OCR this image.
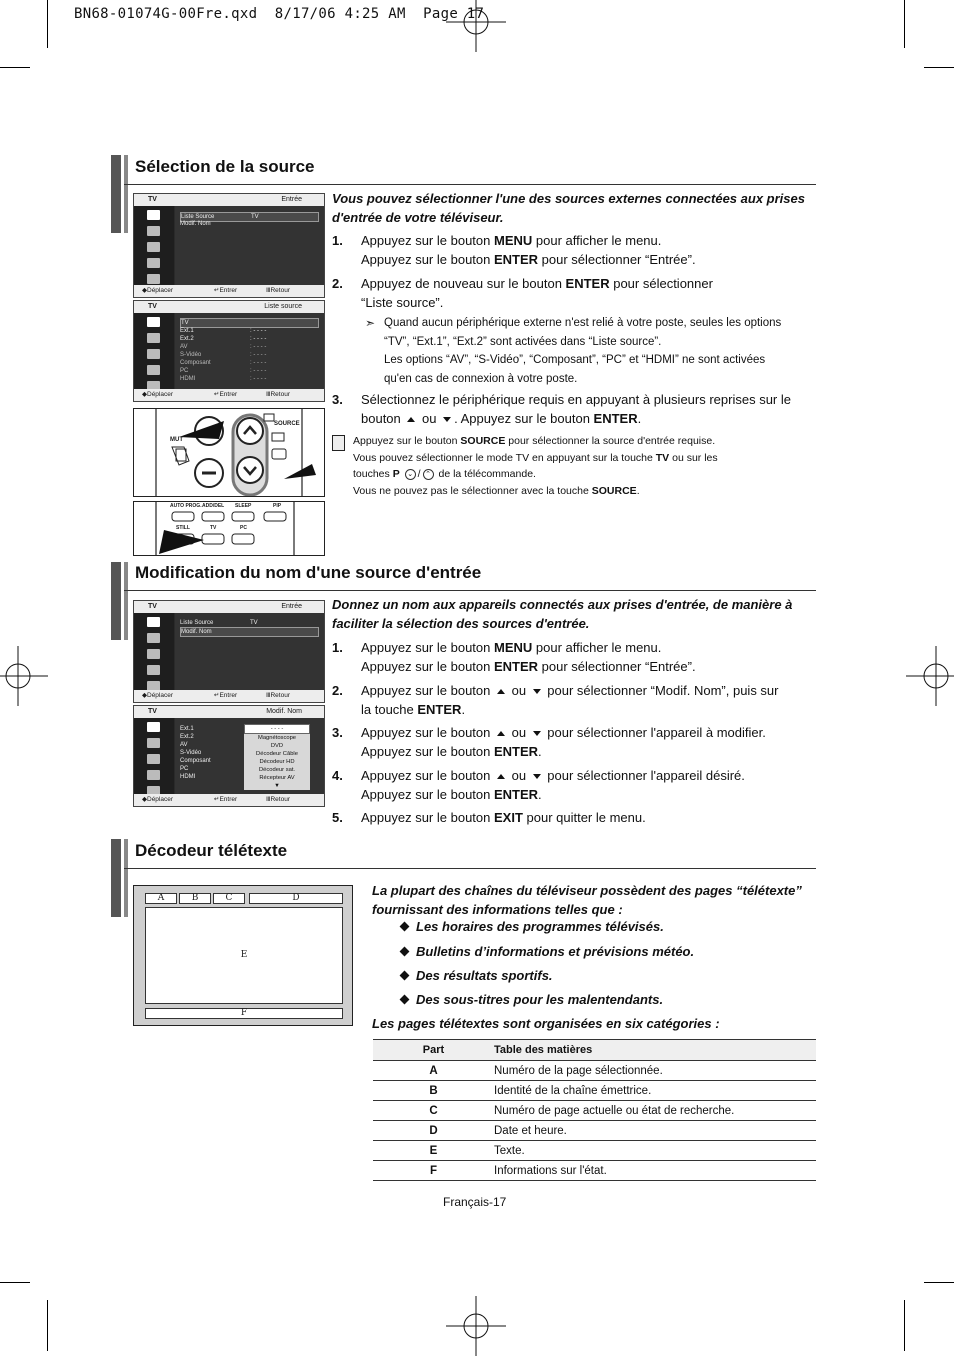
BN68-01074G-00Fre.qxd  8/17/06 4:25 AM  Page 17
Sélection de la source
TV	Entrée
Liste Source	TV
Modif. Nom
◆ Déplacer	↵ Entrer	Ⅲ Retour
TV	Liste source
TV
Ext.1	: - - - -
Ext.2	: - - - -
AV	: - - - -
S-Vidéo	: - - - -
Composant	: - - - -
PC	: - - - -
HDMI	: - - - -
◆ Déplacer	↵ Entrer	Ⅲ Retour
SOURCE
MUT
AUTO PROG. ADD/DEL SLEEP	PIP
STILL	TV	PC
Vous pouvez sélectionner l'une des sources externes connectées aux prises d'entrée de votre téléviseur.
1. Appuyez sur le bouton MENU pour afficher le menu.
Appuyez sur le bouton ENTER pour sélectionner “Entrée”.
2. Appuyez de nouveau sur le bouton ENTER pour sélectionner
“Liste source”.
➣ Quand aucun périphérique externe n'est relié à votre poste, seules les options
“TV”, “Ext.1”, “Ext.2” sont activées dans “Liste source”.
Les options “AV”, “S-Vidéo”, “Composant”, “PC” et “HDMI” ne sont activées
qu'en cas de connexion à votre poste.
3. Sélectionnez le périphérique requis en appuyant à plusieurs reprises sur le
bouton  ou . Appuyez sur le bouton ENTER.
Appuyez sur le bouton SOURCE pour sélectionner la source d'entrée requise.
Vous pouvez sélectionner le mode TV en appuyant sur la touche TV ou sur les
touches P ⌄ / ⌃ de la télécommande.
Vous ne pouvez pas le sélectionner avec la touche SOURCE.
Modification du nom d'une source d'entrée
TV	Entrée
Liste Source	TV
Modif. Nom
◆ Déplacer	↵ Entrer	Ⅲ Retour
TV	Modif. Nom
Ext.1
Ext.2
AV
S-Vidéo
Composant
PC
HDMI
- - - -
Magnétoscope
DVD
Décodeur Câble
Décodeur HD
Décodeur sat.
Récepteur AV
▼
◆ Déplacer	↵ Entrer	Ⅲ Retour
Donnez un nom aux appareils connectés aux prises d'entrée, de manière à faciliter la sélection des sources d'entrée.
1. Appuyez sur le bouton MENU pour afficher le menu.
Appuyez sur le bouton ENTER pour sélectionner “Entrée”.
2. Appuyez sur le bouton  ou  pour sélectionner “Modif. Nom”, puis sur
la touche ENTER.
3. Appuyez sur le bouton  ou  pour sélectionner l'appareil à modifier.
Appuyez sur le bouton ENTER.
4. Appuyez sur le bouton  ou  pour sélectionner l'appareil désiré.
Appuyez sur le bouton ENTER.
5. Appuyez sur le bouton EXIT pour quitter le menu.
Décodeur télétexte
A	B	C	D
E
F
La plupart des chaînes du téléviseur possèdent des pages “télétexte” fournissant des informations telles que :
Les horaires des programmes télévisés.
Bulletins d’informations et prévisions météo.
Des résultats sportifs.
Des sous-titres pour les malentendants.
Les pages télétextes sont organisées en six catégories :
Part	Table des matières
A	Numéro de la page sélectionnée.
B	Identité de la chaîne émettrice.
C	Numéro de page actuelle ou état de recherche.
D	Date et heure.
E	Texte.
F	Informations sur l'état.
Français-17
